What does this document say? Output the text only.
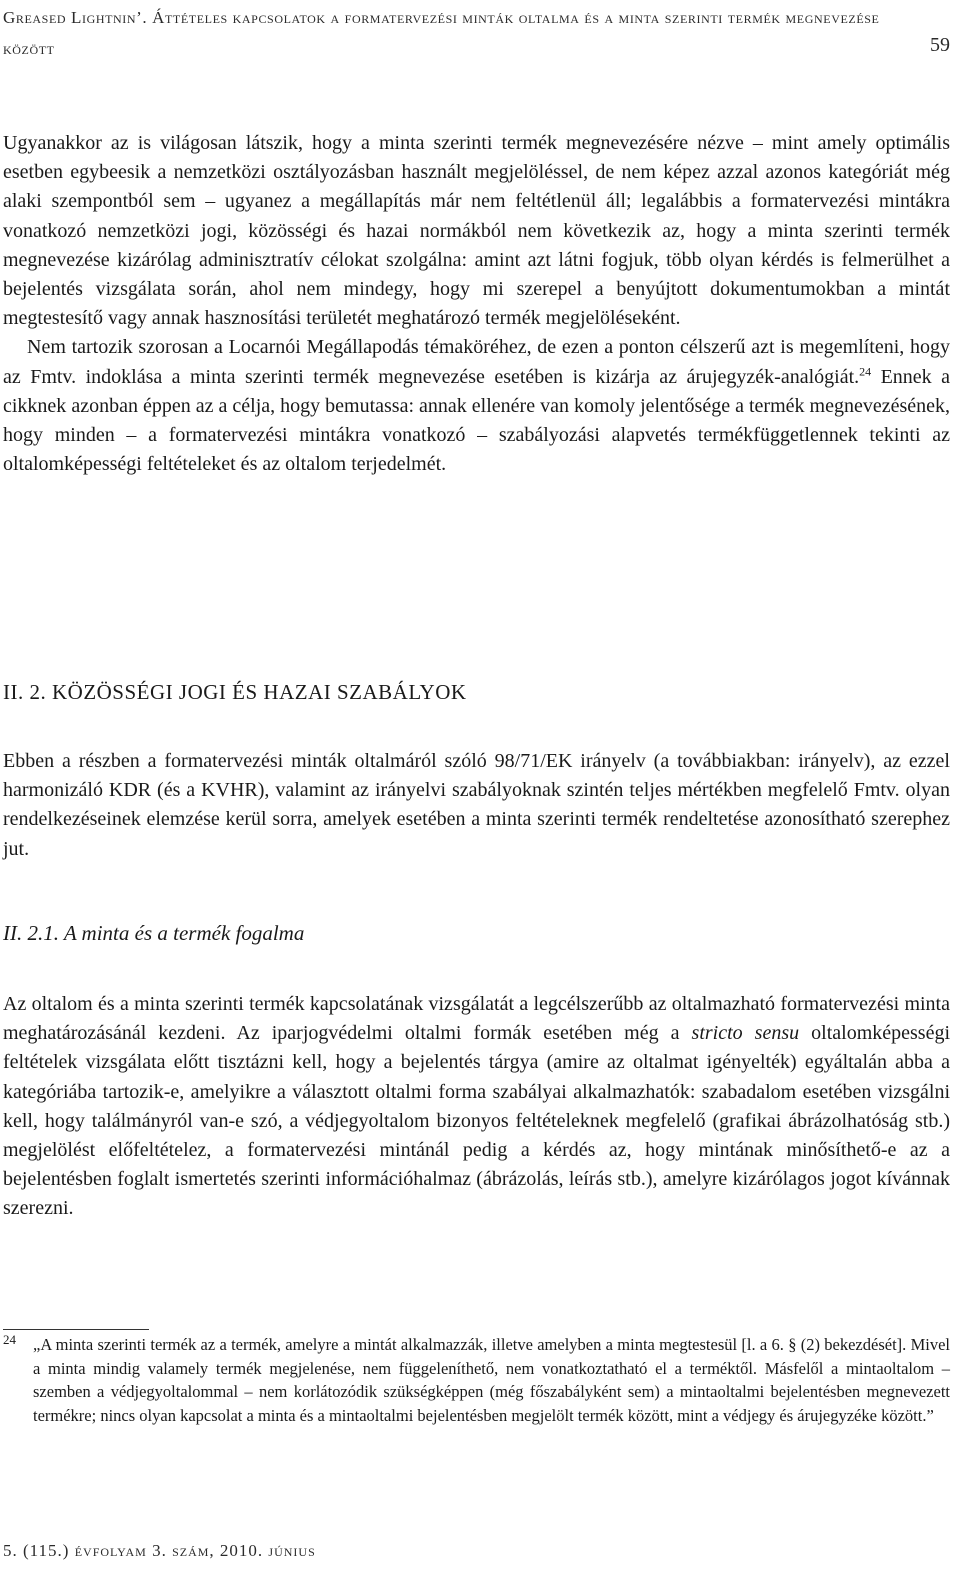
Greased Lightnin’. Áttételes kapcsolatok a formatervezési minták oltalma és a minta szerinti termék megnevezése között	59

Ugyanakkor az is világosan látszik, hogy a minta szerinti termék megnevezésére nézve – mint amely optimális esetben egybeesik a nemzetközi osztályozásban használt megjelöléssel, de nem képez azzal azonos kategóriát még alaki szempontból sem – ugyanez a megállapítás már nem feltétlenül áll; legalábbis a formatervezési mintákra vonatkozó nemzetközi jogi, közösségi és hazai normákból nem következik az, hogy a minta szerinti termék megnevezése kizárólag adminisztratív célokat szolgálna: amint azt látni fogjuk, több olyan kérdés is felmerülhet a bejelentés vizsgálata során, ahol nem mindegy, hogy mi szerepel a benyújtott dokumentumokban a mintát megtestesítő vagy annak hasznosítási területét meghatározó termék megjelöléseként.

Nem tartozik szorosan a Locarnói Megállapodás témaköréhez, de ezen a ponton célszerű azt is megemlíteni, hogy az Fmtv. indoklása a minta szerinti termék megnevezése esetében is kizárja az árujegyzék-analógiát.$^{24}$ Ennek a cikknek azonban éppen az a célja, hogy bemutassa: annak ellenére van komoly jelentősége a termék megnevezésének, hogy minden – a formatervezési mintákra vonatkozó – szabályozási alapvetés termékfüggetlennek tekinti az oltalomképességi feltételeket és az oltalom terjedelmét.

II. 2. KÖZÖSSÉGI JOGI ÉS HAZAI SZABÁLYOK

Ebben a részben a formatervezési minták oltalmáról szóló 98/71/EK irányelv (a továbbiakban: irányelv), az ezzel harmonizáló KDR (és a KVHR), valamint az irányelvi szabályoknak szintén teljes mértékben megfelelő Fmtv. olyan rendelkezéseinek elemzése kerül sorra, amelyek esetében a minta szerinti termék rendeltetése azonosítható szerephez jut.

II. 2.1. A minta és a termék fogalma

Az oltalom és a minta szerinti termék kapcsolatának vizsgálatát a legcélszerűbb az oltalmazható formatervezési minta meghatározásánál kezdeni. Az iparjogvédelmi oltalmi formák esetében még a stricto sensu oltalomképességi feltételek vizsgálata előtt tisztázni kell, hogy a bejelentés tárgya (amire az oltalmat igényelték) egyáltalán abba a kategóriába tartozik-e, amelyikre a választott oltalmi forma szabályai alkalmazhatók: szabadalom esetében vizsgálni kell, hogy találmányról van-e szó, a védjegyoltalom bizonyos feltételeknek megfelelő (grafikai ábrázolhatóság stb.) megjelölést előfeltételez, a formatervezési mintánál pedig a kérdés az, hogy mintának minősíthető-e az a bejelentésben foglalt ismertetés szerinti információhalmaz (ábrázolás, leírás stb.), amelyre kizárólagos jogot kívánnak szerezni.

24 „A minta szerinti termék az a termék, amelyre a mintát alkalmazzák, illetve amelyben a minta megtestesül [l. a 6. § (2) bekezdését]. Mivel a minta mindig valamely termék megjelenése, nem függeleníthető, nem vonatkoztatható el a terméktől. Másfelől a mintaoltalom – szemben a védjegyoltalommal – nem korlátozódik szükségképpen (még főszabályként sem) a mintaoltalmi bejelentésben megnevezett termékre; nincs olyan kapcsolat a minta és a mintaoltalmi bejelentésben megjelölt termék között, mint a védjegy és árujegyzéke között.”
5. (115.) évfolyam 3. szám, 2010. június
